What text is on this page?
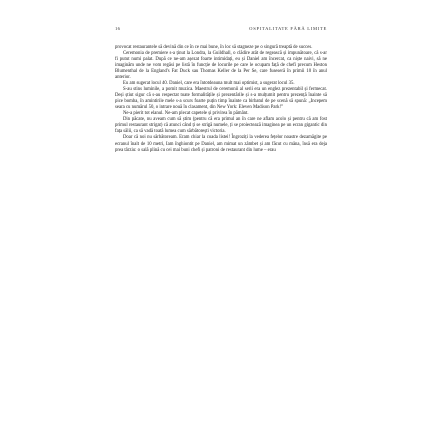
16	OSPITALITATE FĂRĂ LIMITE

provocat restaurantele să devină din ce în ce mai bune, în loc să stagneze pe o singură treaptă de succes.

Ceremonia de premiere s-a ținut la Londra, la Guildhall, o clădire atât de regească și impunătoare, că s-ar fi putut numi palat. După ce ne-am așezat foarte intimidați, eu și Daniel am încercat, ca niște naivi, să ne imaginăm unde ne vom regăsi pe listă în funcție de locurile pe care le ocupam față de chefi precum Heston Blumenthal de la England's Fat Duck sau Thomas Keller de la Per Se, care fuseseră în primii 10 în anul anterior.

Eu am sugerat locul 40. Daniel, care era întotdeauna mult mai optimist, a sugerat locul 35.

S-au stins luminile, a pornit muzica. Maestrul de ceremonii al serii era un englez prezentabil și fermecat. Deși știut sigur că s-au respectat toate formalitățile și prezentările și s-a mulțumit pentru prezență înainte să pice bomba, în amintirile mele s-a scurs foarte puțin timp înainte ca birbatul de pe scenă să spună: „Incepem seara cu numărul 50, o intrare nouă în clasament, din New York: Eleven Madison Park!”

Ne-a pierit tot elanul. Ne-am plecat capetele și privirea în pământ.

Din păcate, nu aveam cum să știm (pentru că era primul an în care ne aflam acolo și pentru că am fost primul restaurant strigat) că atunci când ți se strigă numele, ți se proiectează imaginea pe un ecran gigantic din fața sălii, ca să vadă toată lumea cum sărbătorești victoria.

Doar că noi nu sărbătoream. Eram chiar la coada listei! Îngroziți la vederea fețelor noastre dezamăgite pe ecranul înalt de 10 metri, Iam înghiontit pe Daniel, am mimat un zâmbet și am făcut cu mâna, însă era deja prea târziu: o sală plină cu cei mai buni chefi și patroni de restaurant din lume – erau
